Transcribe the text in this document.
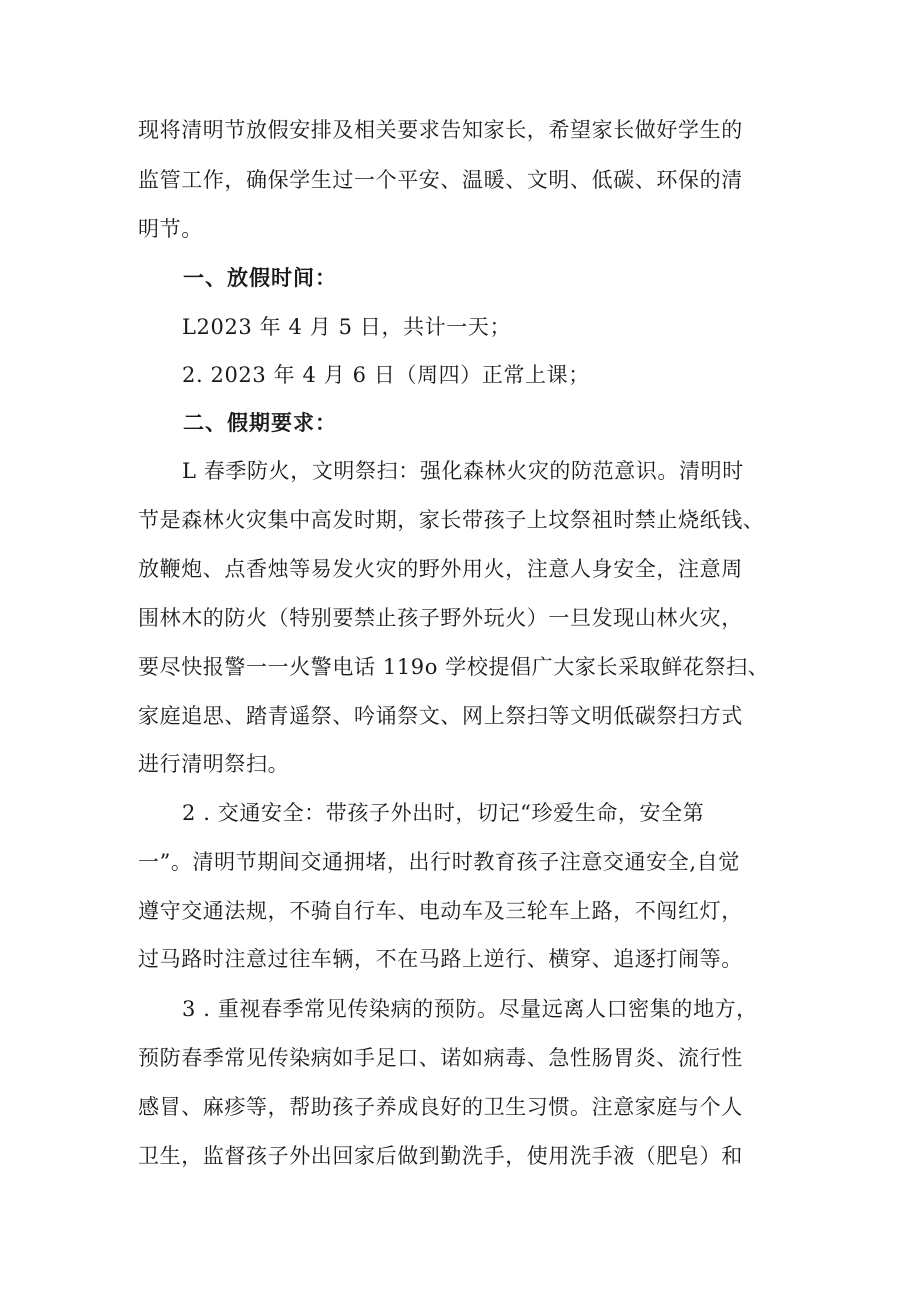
现将清明节放假安排及相关要求告知家长，希望家长做好学生的
监管工作，确保学生过一个平安、温暖、文明、低碳、环保的清
明节。
一、放假时间：
L2023 年 4 月 5 日，共计一天；
2. 2023 年 4 月 6 日（周四）正常上课；
二、假期要求：
L 春季防火，文明祭扫：强化森林火灾的防范意识。清明时
节是森林火灾集中高发时期，家长带孩子上坟祭祖时禁止烧纸钱、
放鞭炮、点香烛等易发火灾的野外用火，注意人身安全，注意周
围林木的防火（特别要禁止孩子野外玩火）一旦发现山林火灾，
要尽快报警一一火警电话 119o 学校提倡广大家长采取鲜花祭扫、
家庭追思、踏青遥祭、吟诵祭文、网上祭扫等文明低碳祭扫方式
进行清明祭扫。
2 . 交通安全：带孩子外出时，切记“珍爱生命，安全第
一”。清明节期间交通拥堵，出行时教育孩子注意交通安全,自觉
遵守交通法规，不骑自行车、电动车及三轮车上路，不闯红灯，
过马路时注意过往车辆，不在马路上逆行、横穿、追逐打闹等。
3 . 重视春季常见传染病的预防。尽量远离人口密集的地方，
预防春季常见传染病如手足口、诺如病毒、急性肠胃炎、流行性
感冒、麻疹等，帮助孩子养成良好的卫生习惯。注意家庭与个人
卫生，监督孩子外出回家后做到勤洗手，使用洗手液（肥皂）和
